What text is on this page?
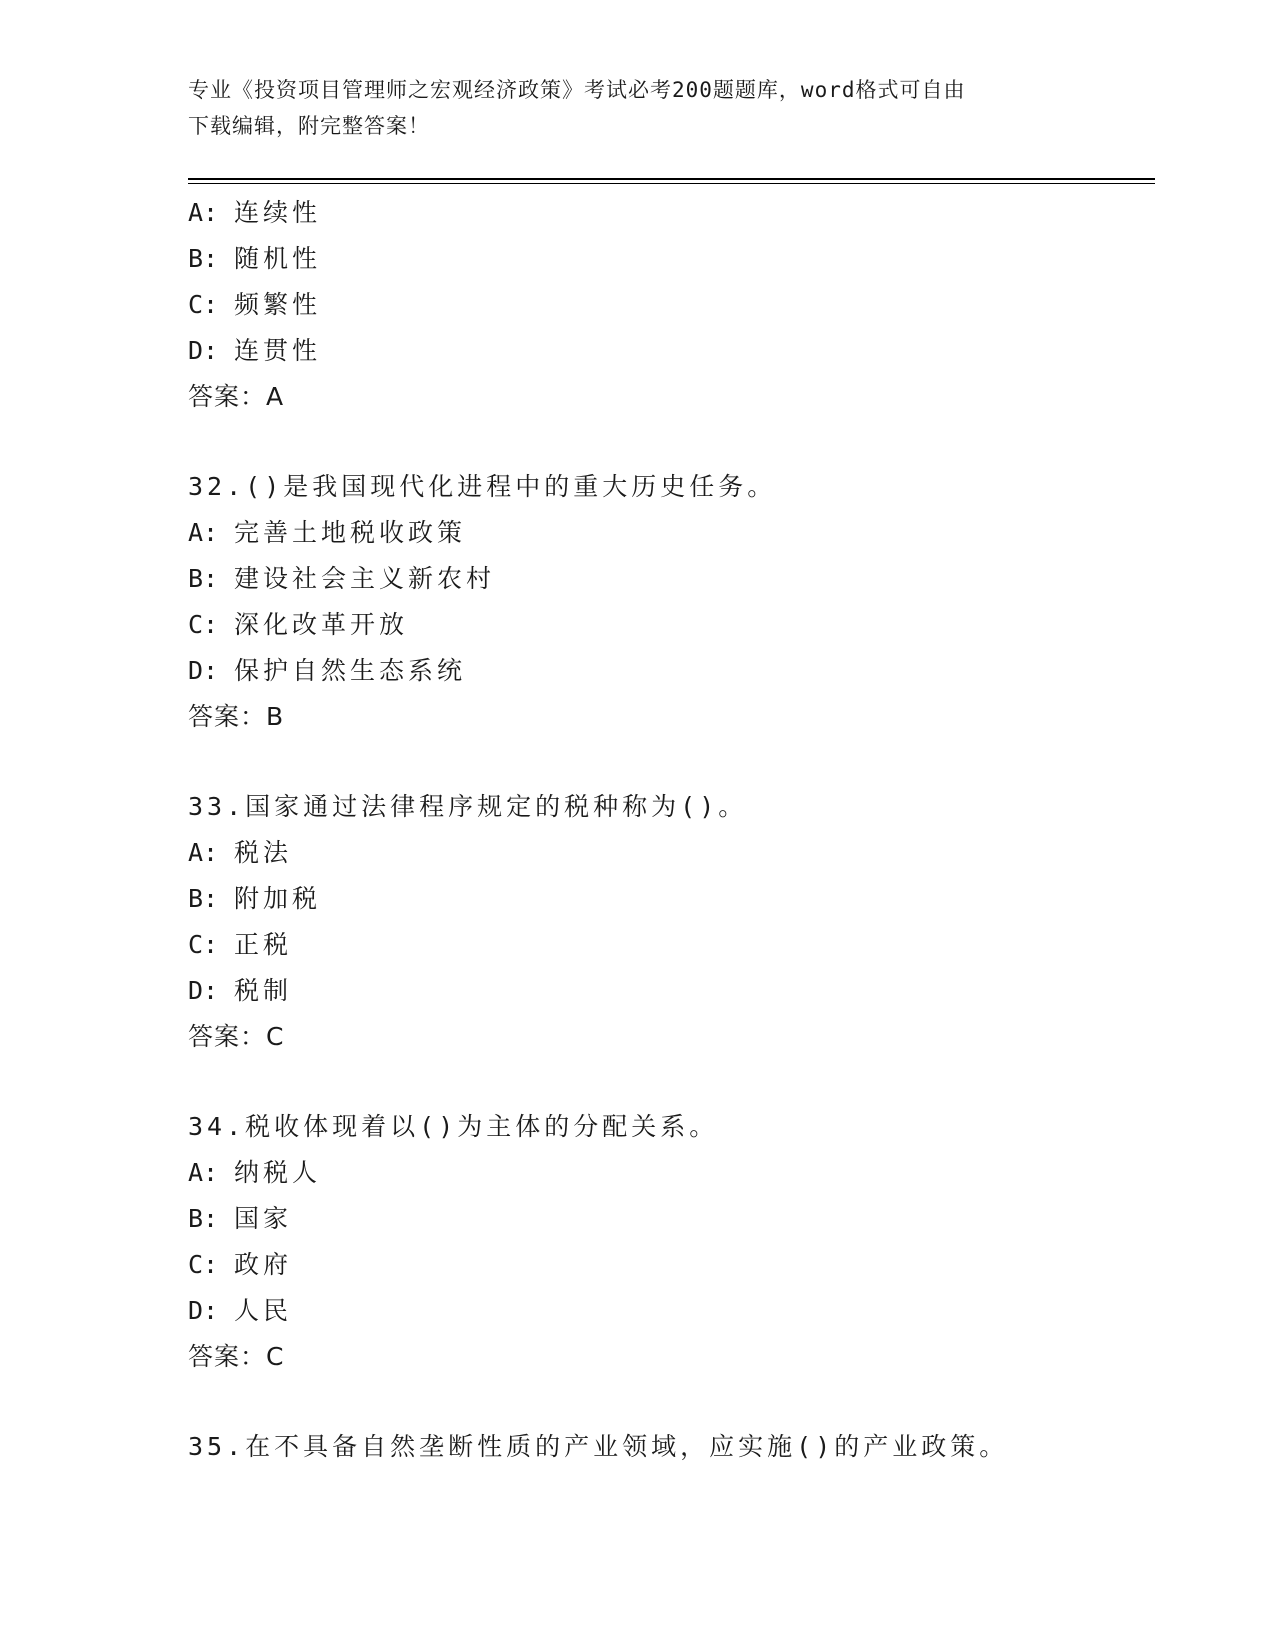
专业《投资项目管理师之宏观经济政策》考试必考200题题库，word格式可自由
下载编辑，附完整答案！
A: 连续性
B: 随机性
C: 频繁性
D: 连贯性
答案：A
32.()是我国现代化进程中的重大历史任务。
A: 完善土地税收政策
B: 建设社会主义新农村
C: 深化改革开放
D: 保护自然生态系统
答案：B
33.国家通过法律程序规定的税种称为()。
A: 税法
B: 附加税
C: 正税
D: 税制
答案：C
34.税收体现着以()为主体的分配关系。
A: 纳税人
B: 国家
C: 政府
D: 人民
答案：C
35.在不具备自然垄断性质的产业领域，应实施()的产业政策。
